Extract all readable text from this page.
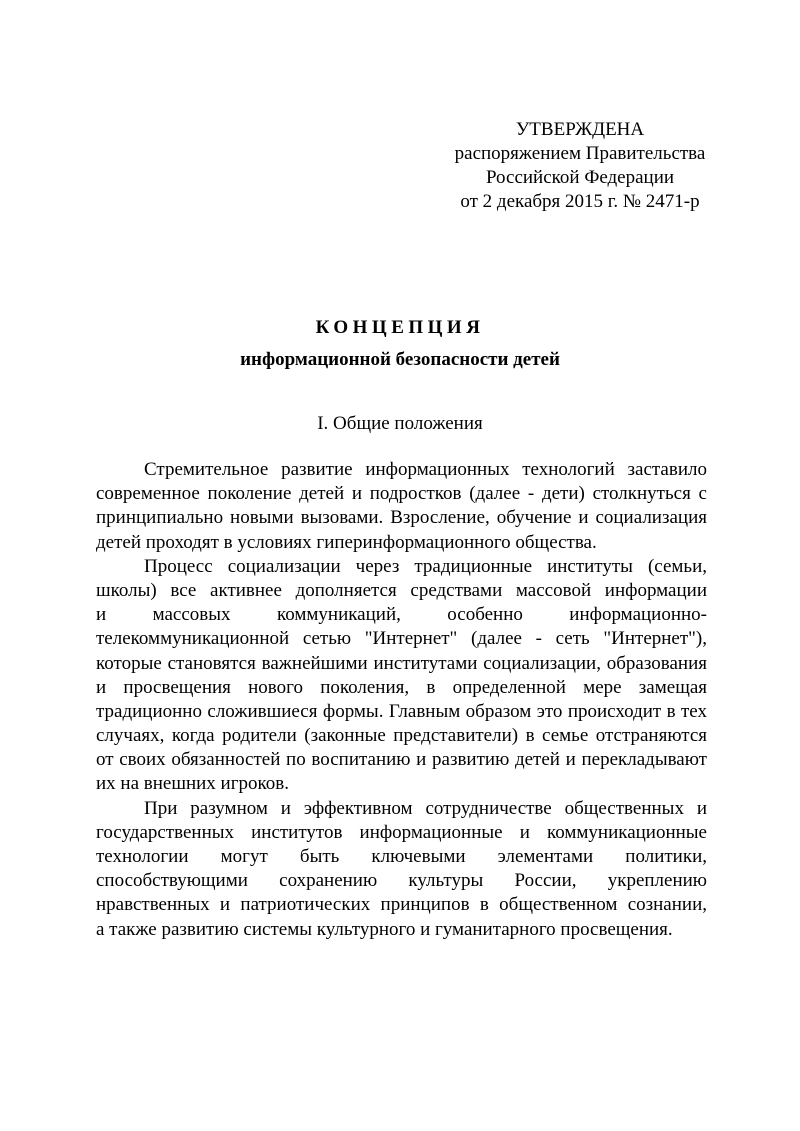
УТВЕРЖДЕНА
распоряжением Правительства
Российской Федерации
от 2 декабря 2015 г. № 2471-р
КОНЦЕПЦИЯ
информационной безопасности детей
I. Общие положения
Стремительное развитие информационных технологий заставило
современное поколение детей и подростков (далее - дети) столкнуться с
принципиально новыми вызовами. Взросление, обучение и социализация
детей проходят в условиях гиперинформационного общества.
Процесс социализации через традиционные институты (семьи,
школы) все активнее дополняется средствами массовой информации
и массовых коммуникаций, особенно информационно-
телекоммуникационной сетью "Интернет" (далее - сеть "Интернет"),
которые становятся важнейшими институтами социализации, образования
и просвещения нового поколения, в определенной мере замещая
традиционно сложившиеся формы. Главным образом это происходит в тех
случаях, когда родители (законные представители) в семье отстраняются
от своих обязанностей по воспитанию и развитию детей и перекладывают
их на внешних игроков.
При разумном и эффективном сотрудничестве общественных и
государственных институтов информационные и коммуникационные
технологии могут быть ключевыми элементами политики,
способствующими сохранению культуры России, укреплению
нравственных и патриотических принципов в общественном сознании,
а также развитию системы культурного и гуманитарного просвещения.
